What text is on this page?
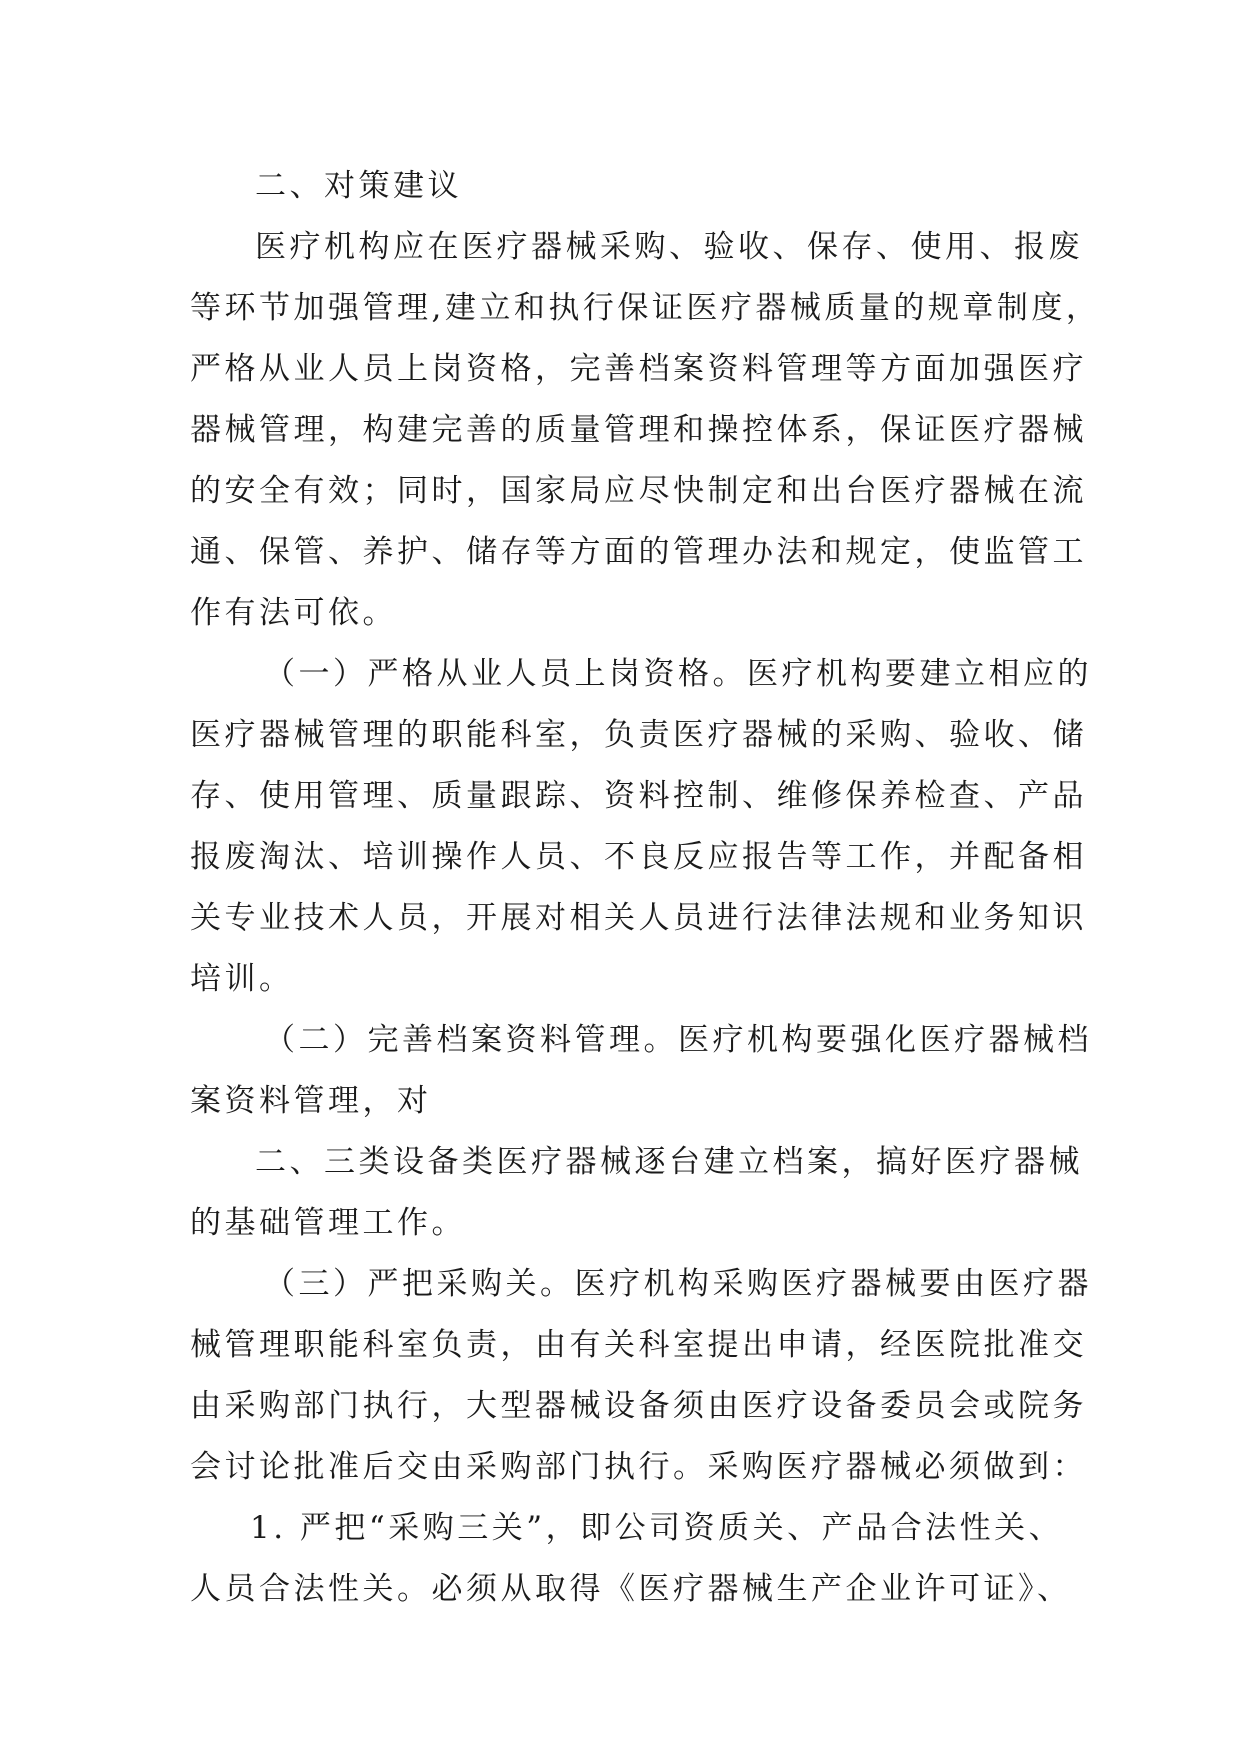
二、对策建议
医疗机构应在医疗器械采购、验收、保存、使用、报废
等环节加强管理,建立和执行保证医疗器械质量的规章制度，
严格从业人员上岗资格，完善档案资料管理等方面加强医疗
器械管理，构建完善的质量管理和操控体系，保证医疗器械
的安全有效；同时，国家局应尽快制定和出台医疗器械在流
通、保管、养护、储存等方面的管理办法和规定，使监管工
作有法可依。
（一）严格从业人员上岗资格。医疗机构要建立相应的
医疗器械管理的职能科室，负责医疗器械的采购、验收、储
存、使用管理、质量跟踪、资料控制、维修保养检查、产品
报废淘汰、培训操作人员、不良反应报告等工作，并配备相
关专业技术人员，开展对相关人员进行法律法规和业务知识
培训。
（二）完善档案资料管理。医疗机构要强化医疗器械档
案资料管理，对
二、三类设备类医疗器械逐台建立档案，搞好医疗器械
的基础管理工作。
（三）严把采购关。医疗机构采购医疗器械要由医疗器
械管理职能科室负责，由有关科室提出申请，经医院批准交
由采购部门执行，大型器械设备须由医疗设备委员会或院务
会讨论批准后交由采购部门执行。采购医疗器械必须做到：
1. 严把“采购三关”，即公司资质关、产品合法性关、
人员合法性关。必须从取得《医疗器械生产企业许可证》、
